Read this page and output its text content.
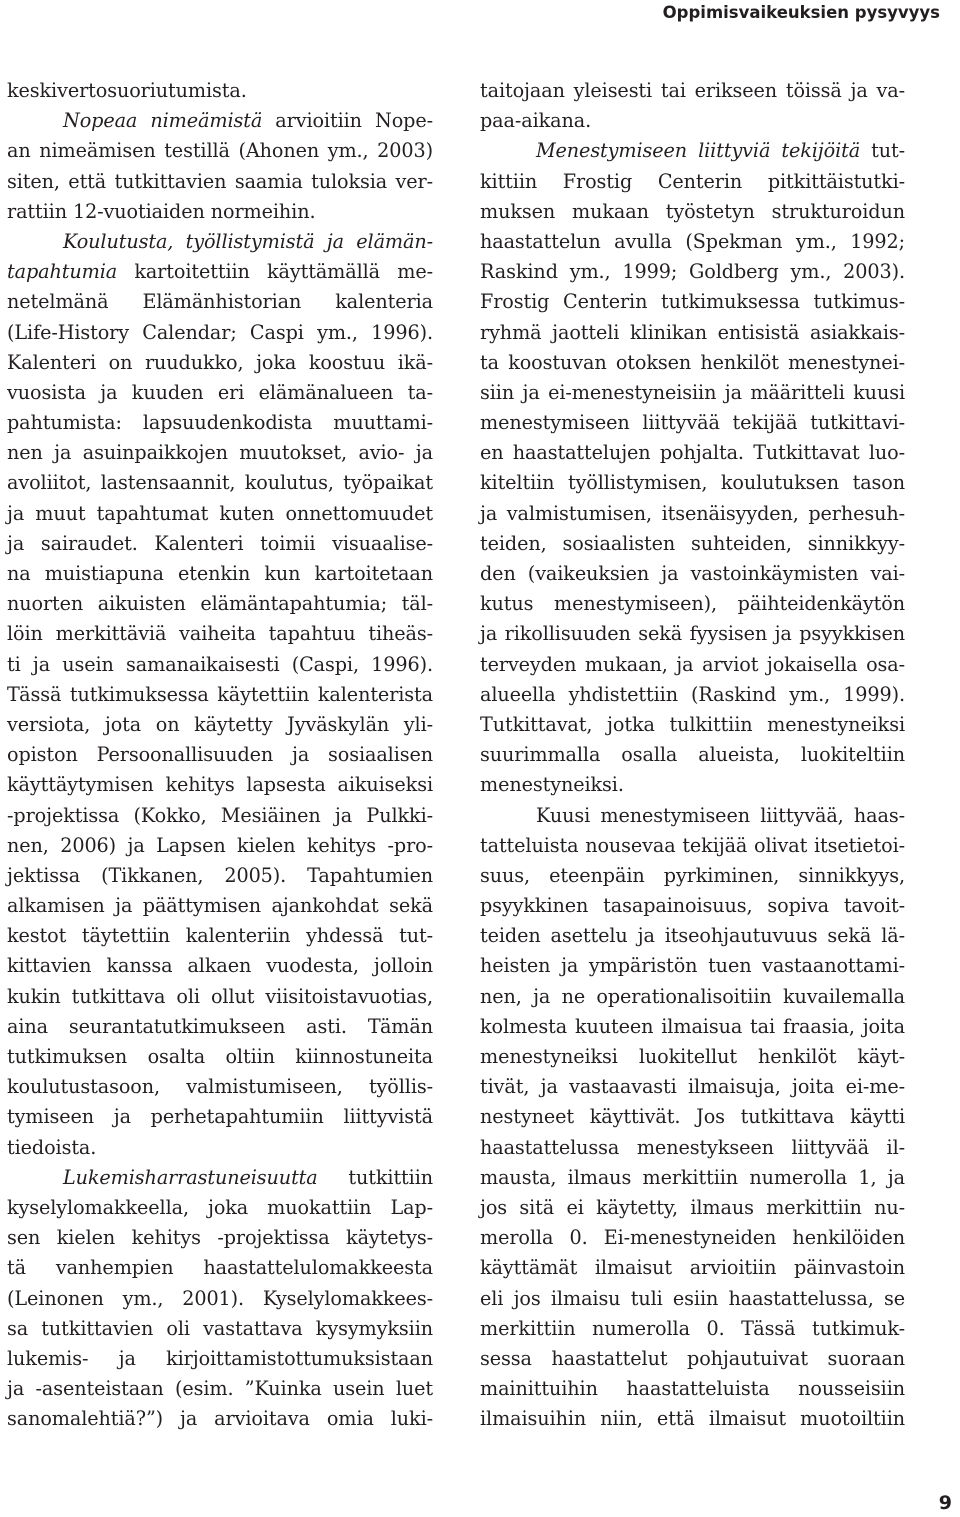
Oppimisvaikeuksien pysyvyys
keskivertosuoriutumista.
Nopeaa nimeämistä arvioitiin Nope-
an nimeämisen testillä (Ahonen ym., 2003)
siten, että tutkittavien saamia tuloksia ver-
rattiin 12-vuotiaiden normeihin.
Koulutusta, työllistymistä ja elämän-
tapahtumia kartoitettiin käyttämällä me-
netelmänä Elämänhistorian kalenteria
(Life-History Calendar; Caspi ym., 1996).
Kalenteri on ruudukko, joka koostuu ikä-
vuosista ja kuuden eri elämänalueen ta-
pahtumista: lapsuudenkodista muuttami-
nen ja asuinpaikkojen muutokset, avio- ja
avoliitot, lastensaannit, koulutus, työpaikat
ja muut tapahtumat kuten onnettomuudet
ja sairaudet. Kalenteri toimii visuaalise-
na muistiapuna etenkin kun kartoitetaan
nuorten aikuisten elämäntapahtumia; täl-
löin merkittäviä vaiheita tapahtuu tiheäs-
ti ja usein samanaikaisesti (Caspi, 1996).
Tässä tutkimuksessa käytettiin kalenterista
versiota, jota on käytetty Jyväskylän yli-
opiston Persoonallisuuden ja sosiaalisen
käyttäytymisen kehitys lapsesta aikuiseksi
-projektissa (Kokko, Mesiäinen ja Pulkki-
nen, 2006) ja Lapsen kielen kehitys -pro-
jektissa (Tikkanen, 2005). Tapahtumien
alkamisen ja päättymisen ajankohdat sekä
kestot täytettiin kalenteriin yhdessä tut-
kittavien kanssa alkaen vuodesta, jolloin
kukin tutkittava oli ollut viisitoistavuotias,
aina seurantatutkimukseen asti. Tämän
tutkimuksen osalta oltiin kiinnostuneita
koulutustasoon, valmistumiseen, työllis-
tymiseen ja perhetapahtumiin liittyvistä
tiedoista.
Lukemisharrastuneisuutta tutkittiin
kyselylomakkeella, joka muokattiin Lap-
sen kielen kehitys -projektissa käytetys-
tä vanhempien haastattelulomakkeesta
(Leinonen ym., 2001). Kyselylomakkees-
sa tutkittavien oli vastattava kysymyksiin
lukemis- ja kirjoittamistottumuksistaan
ja -asenteistaan (esim. ”Kuinka usein luet
sanomalehtiä?”) ja arvioitava omia luki-
taitojaan yleisesti tai erikseen töissä ja va-
paa-aikana.
Menestymiseen liittyviä tekijöitä tut-
kittiin Frostig Centerin pitkittäistutki-
muksen mukaan työstetyn strukturoidun
haastattelun avulla (Spekman ym., 1992;
Raskind ym., 1999; Goldberg ym., 2003).
Frostig Centerin tutkimuksessa tutkimus-
ryhmä jaotteli klinikan entisistä asiakkais-
ta koostuvan otoksen henkilöt menestynei-
siin ja ei-menestyneisiin ja määritteli kuusi
menestymiseen liittyvää tekijää tutkittavi-
en haastattelujen pohjalta. Tutkittavat luo-
kiteltiin työllistymisen, koulutuksen tason
ja valmistumisen, itsenäisyyden, perhesuh-
teiden, sosiaalisten suhteiden, sinnikkyy-
den (vaikeuksien ja vastoinkäymisten vai-
kutus menestymiseen), päihteidenkäytön
ja rikollisuuden sekä fyysisen ja psyykkisen
terveyden mukaan, ja arviot jokaisella osa-
alueella yhdistettiin (Raskind ym., 1999).
Tutkittavat, jotka tulkittiin menestyneiksi
suurimmalla osalla alueista, luokiteltiin
menestyneiksi.
Kuusi menestymiseen liittyvää, haas-
tatteluista nousevaa tekijää olivat itsetietoi-
suus, eteenpäin pyrkiminen, sinnikkyys,
psyykkinen tasapainoisuus, sopiva tavoit-
teiden asettelu ja itseohjautuvuus sekä lä-
heisten ja ympäristön tuen vastaanottami-
nen, ja ne operationalisoitiin kuvailemalla
kolmesta kuuteen ilmaisua tai fraasia, joita
menestyneiksi luokitellut henkilöt käyt-
tivät, ja vastaavasti ilmaisuja, joita ei-me-
nestyneet käyttivät. Jos tutkittava käytti
haastattelussa menestykseen liittyvää il-
mausta, ilmaus merkittiin numerolla 1, ja
jos sitä ei käytetty, ilmaus merkittiin nu-
merolla 0. Ei-menestyneiden henkilöiden
käyttämät ilmaisut arvioitiin päinvastoin
eli jos ilmaisu tuli esiin haastattelussa, se
merkittiin numerolla 0. Tässä tutkimuk-
sessa haastattelut pohjautuivat suoraan
mainittuihin haastatteluista nousseisiin
ilmaisuihin niin, että ilmaisut muotoiltiin
9
